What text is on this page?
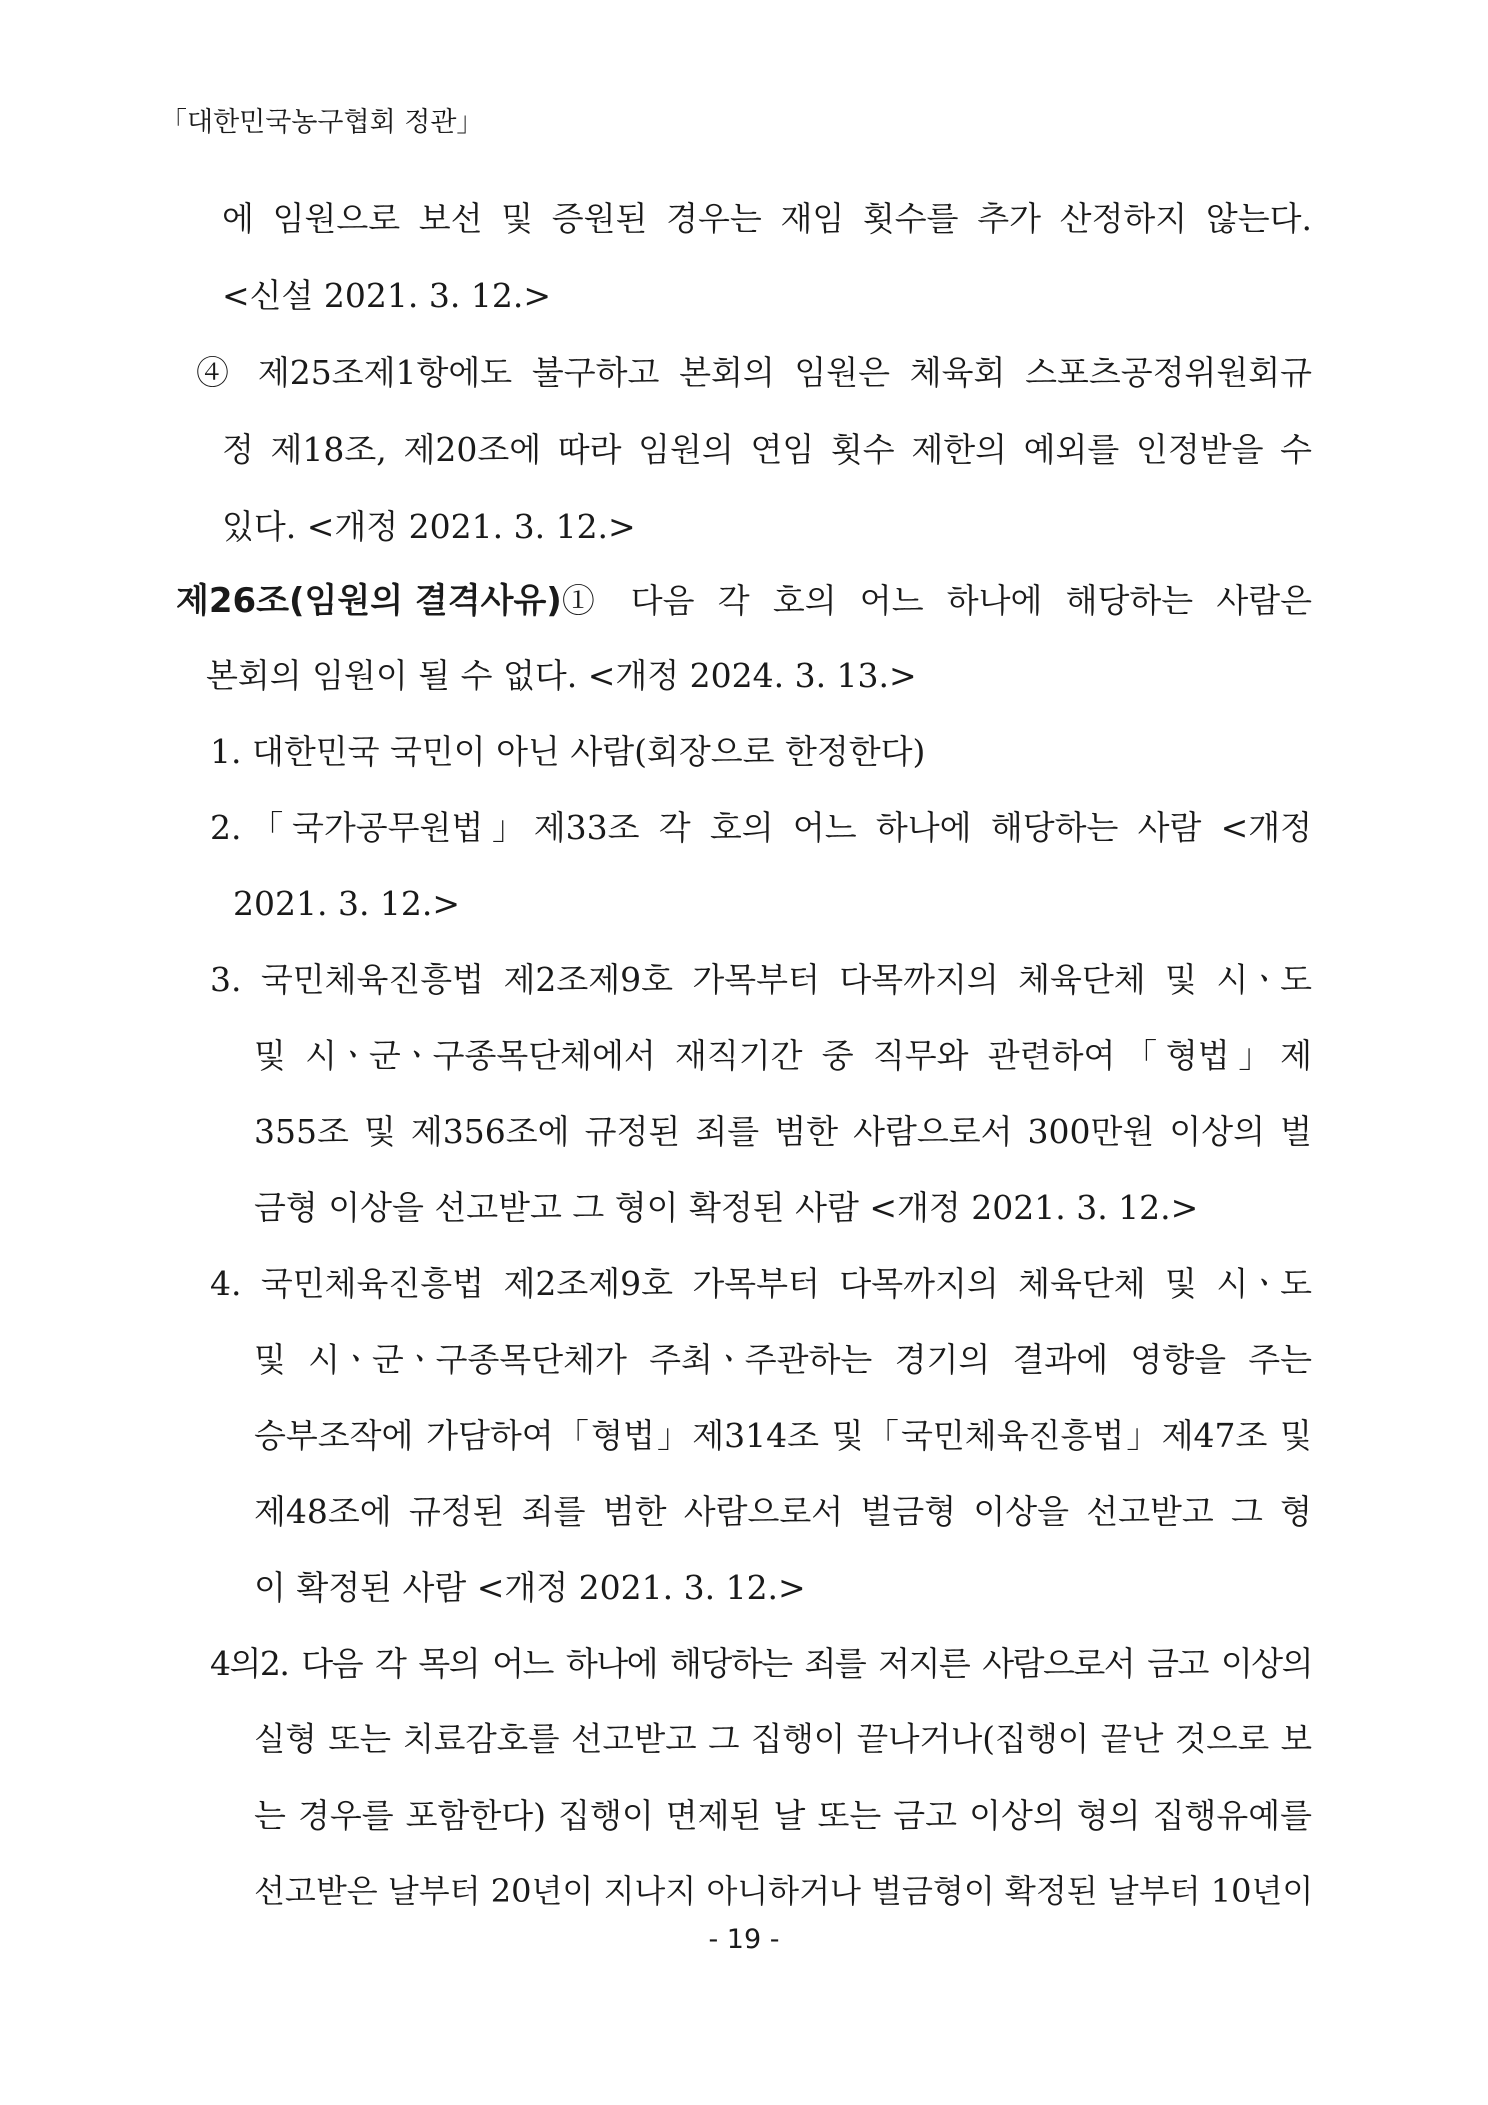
「대한민국농구협회 정관」
에 임원으로 보선 및 증원된 경우는 재임 횟수를 추가 산정하지 않는다.
<신설 2021. 3. 12.>
④ 제25조제1항에도 불구하고 본회의 임원은 체육회 스포츠공정위원회규
정 제18조, 제20조에 따라 임원의 연임 횟수 제한의 예외를 인정받을 수
있다. <개정 2021. 3. 12.>
제26조(임원의 결격사유) ① 다음 각 호의 어느 하나에 해당하는 사람은
본회의 임원이 될 수 없다. <개정 2024. 3. 13.>
1. 대한민국 국민이 아닌 사람(회장으로 한정한다)
2.「국가공무원법」제33조 각 호의 어느 하나에 해당하는 사람 <개정
2021. 3. 12.>
3. 국민체육진흥법 제2조제9호 가목부터 다목까지의 체육단체 및 시ㆍ도
및 시ㆍ군ㆍ구종목단체에서 재직기간 중 직무와 관련하여「형법」제
355조 및 제356조에 규정된 죄를 범한 사람으로서 300만원 이상의 벌
금형 이상을 선고받고 그 형이 확정된 사람 <개정 2021. 3. 12.>
4. 국민체육진흥법 제2조제9호 가목부터 다목까지의 체육단체 및 시ㆍ도
및 시ㆍ군ㆍ구종목단체가 주최ㆍ주관하는 경기의 결과에 영향을 주는
승부조작에 가담하여「형법」제314조 및「국민체육진흥법」제47조 및
제48조에 규정된 죄를 범한 사람으로서 벌금형 이상을 선고받고 그 형
이 확정된 사람 <개정 2021. 3. 12.>
4의2. 다음 각 목의 어느 하나에 해당하는 죄를 저지른 사람으로서 금고 이상의
실형 또는 치료감호를 선고받고 그 집행이 끝나거나(집행이 끝난 것으로 보
는 경우를 포함한다) 집행이 면제된 날 또는 금고 이상의 형의 집행유예를
선고받은 날부터 20년이 지나지 아니하거나 벌금형이 확정된 날부터 10년이
- 19 -
